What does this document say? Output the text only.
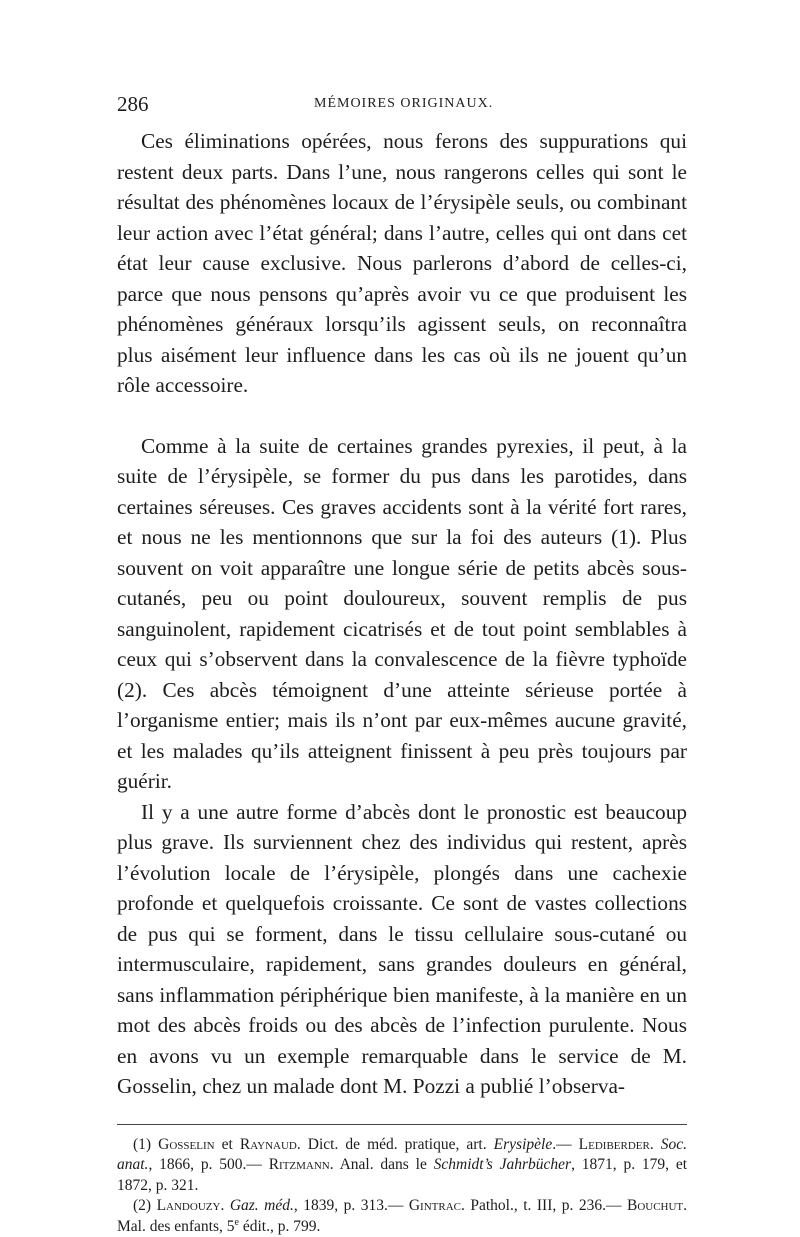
286	MÉMOIRES ORIGINAUX.

Ces éliminations opérées, nous ferons des suppurations qui restent deux parts. Dans l’une, nous rangerons celles qui sont le résultat des phénomènes locaux de l’érysipèle seuls, ou combinant leur action avec l’état général; dans l’autre, celles qui ont dans cet état leur cause exclusive. Nous parlerons d’abord de celles-ci, parce que nous pensons qu’après avoir vu ce que produisent les phénomènes généraux lorsqu’ils agissent seuls, on reconnaîtra plus aisément leur influence dans les cas où ils ne jouent qu’un rôle accessoire.

Comme à la suite de certaines grandes pyrexies, il peut, à la suite de l’érysipèle, se former du pus dans les parotides, dans certaines séreuses. Ces graves accidents sont à la vérité fort rares, et nous ne les mentionnons que sur la foi des auteurs (1). Plus souvent on voit apparaître une longue série de petits abcès sous-cutanés, peu ou point douloureux, souvent remplis de pus sanguinolent, rapidement cicatrisés et de tout point semblables à ceux qui s’observent dans la convalescence de la fièvre typhoïde (2). Ces abcès témoignent d’une atteinte sérieuse portée à l’organisme entier; mais ils n’ont par eux-mêmes aucune gravité, et les malades qu’ils atteignent finissent à peu près toujours par guérir.

Il y a une autre forme d’abcès dont le pronostic est beaucoup plus grave. Ils surviennent chez des individus qui restent, après l’évolution locale de l’érysipèle, plongés dans une cachexie profonde et quelquefois croissante. Ce sont de vastes collections de pus qui se forment, dans le tissu cellulaire sous-cutané ou intermusculaire, rapidement, sans grandes douleurs en général, sans inflammation périphérique bien manifeste, à la manière en un mot des abcès froids ou des abcès de l’infection purulente. Nous en avons vu un exemple remarquable dans le service de M. Gosselin, chez un malade dont M. Pozzi a publié l’observa-

(1) Gosselin et Raynaud. Dict. de méd. pratique, art. Erysipèle.— Lediberder. Soc. anat., 1866, p. 500.— Ritzmann. Anal. dans le Schmidt’s Jahrbücher, 1871, p. 179, et 1872, p. 321.

(2) Landouzy. Gaz. méd., 1839, p. 313.— Gintrac. Pathol., t. III, p. 236.— Bouchut. Mal. des enfants, 5e édit., p. 799.
